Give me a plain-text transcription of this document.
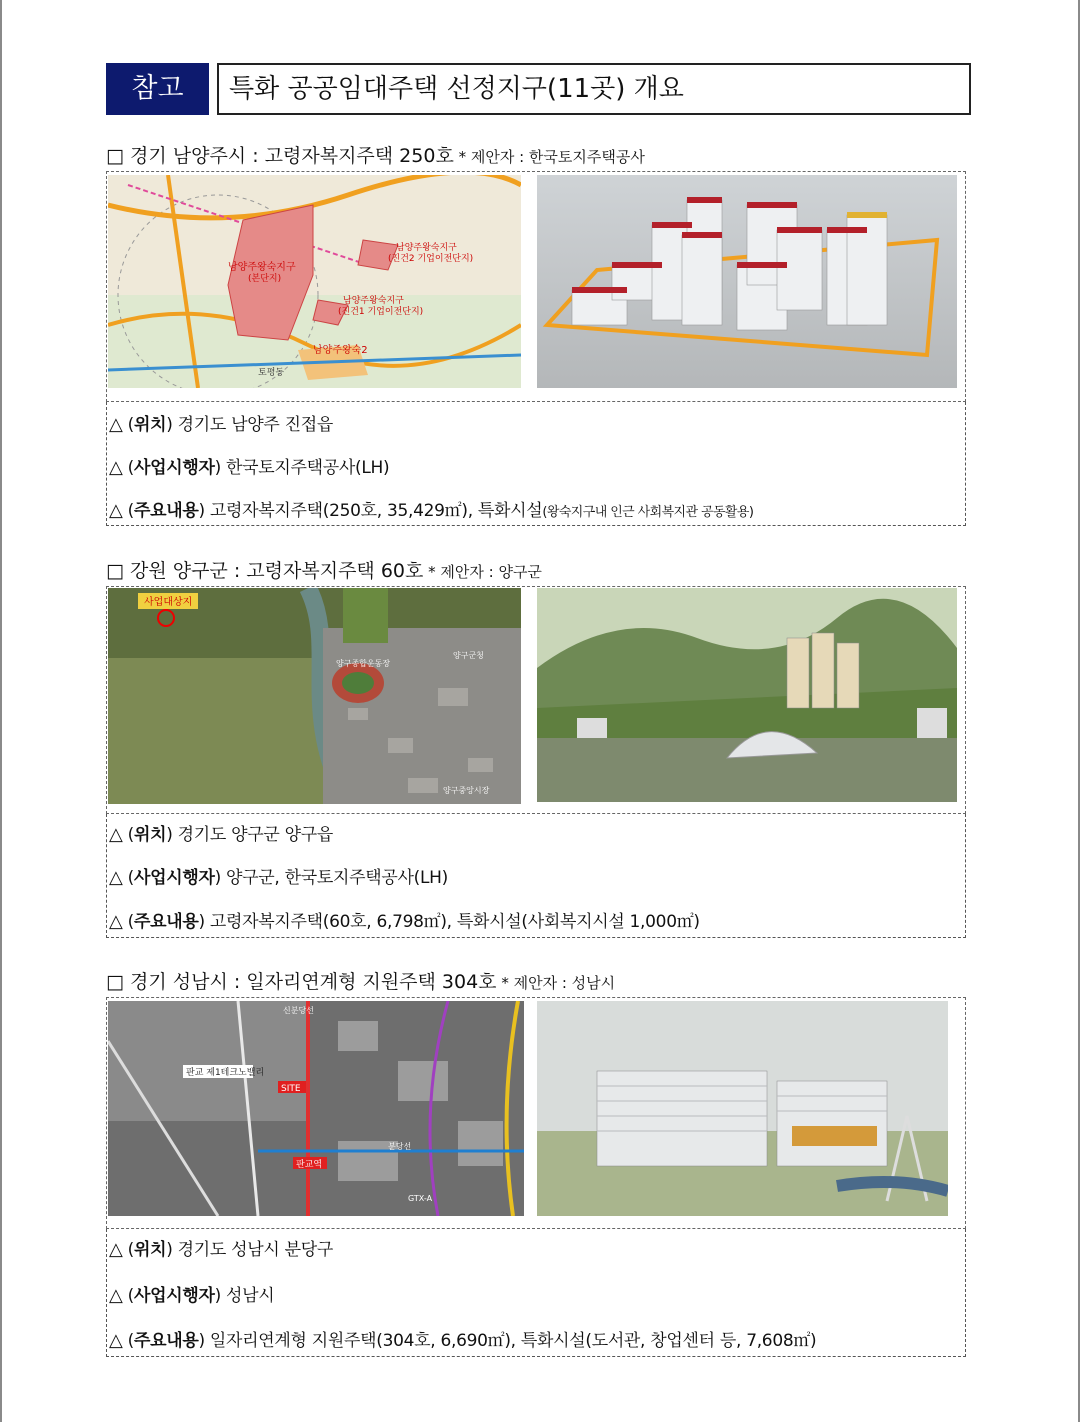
참고	특화 공공임대주택 선정지구(11곳) 개요
□ 경기 남양주시 : 고령자복지주택 250호 * 제안자 : 한국토지주택공사
남양주왕숙지구
(본단지)
남양주왕숙지구
(진건2 기업이전단지)
남양주왕숙지구
(진건1 기업이전단지)
남양주왕숙2
토평동
△ (위치) 경기도 남양주 진접읍
△ (사업시행자) 한국토지주택공사(LH)
△ (주요내용) 고령자복지주택(250호, 35,429㎡), 특화시설(왕숙지구내 인근 사회복지관 공동활용)
□ 강원 양구군 : 고령자복지주택 60호 * 제안자 : 양구군
사업대상지
양구종합운동장
양구군청
양구중앙시장
△ (위치) 경기도 양구군 양구읍
△ (사업시행자) 양구군, 한국토지주택공사(LH)
△ (주요내용) 고령자복지주택(60호, 6,798㎡), 특화시설(사회복지시설 1,000㎡)
□ 경기 성남시 : 일자리연계형 지원주택 304호 * 제안자 : 성남시
판교 제1테크노밸리
SITE
판교역
GTX-A
분당선
신분당선
△ (위치) 경기도 성남시 분당구
△ (사업시행자) 성남시
△ (주요내용) 일자리연계형 지원주택(304호, 6,690㎡), 특화시설(도서관, 창업센터 등, 7,608㎡)
